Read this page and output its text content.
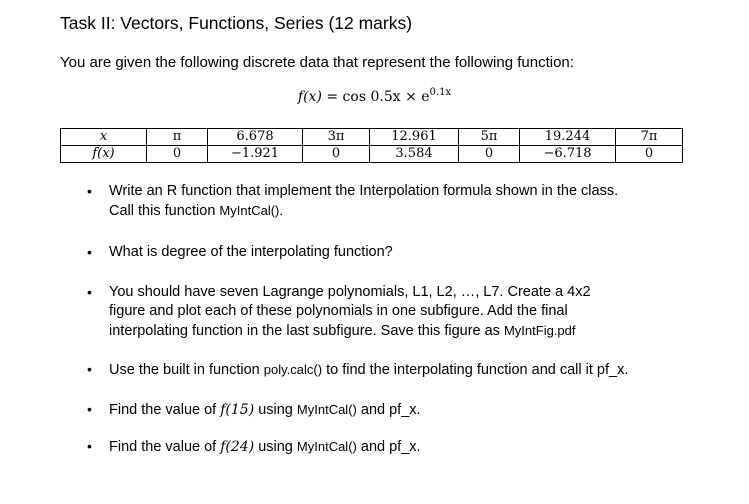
Task II: Vectors, Functions, Series (12 marks)
You are given the following discrete data that represent the following function:
$f(x) = \cos 0.5x \times e^{0.1x}$
x	π	6.678	3π	12.961	5π	19.244	7π
f(x)	0	−1.921	0	3.584	0	−6.718	0
• Write an R function that implement the Interpolation formula shown in the class.
Call this function MyIntCal().
• What is degree of the interpolating function?
• You should have seven Lagrange polynomials, L1, L2, …, L7. Create a 4x2
figure and plot each of these polynomials in one subfigure. Add the final
interpolating function in the last subfigure. Save this figure as MyIntFig.pdf
• Use the built in function poly.calc() to find the interpolating function and call it pf_x.
• Find the value of f(15) using MyIntCal() and pf_x.
• Find the value of f(24) using MyIntCal() and pf_x.
